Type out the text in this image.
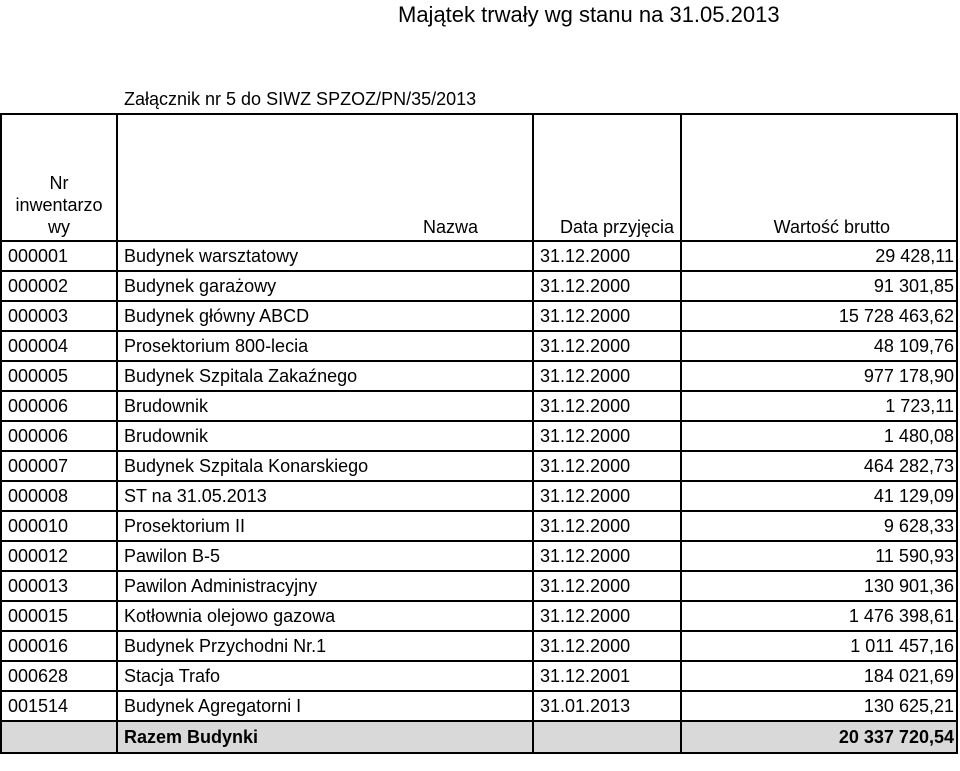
Majątek trwały wg stanu na 31.05.2013
Załącznik nr 5 do SIWZ SPZOZ/PN/35/2013
Nr inwentarzo wy	Nazwa	Data przyjęcia	Wartość brutto
000001	Budynek warsztatowy	31.12.2000	29 428,11
000002	Budynek garażowy	31.12.2000	91 301,85
000003	Budynek główny ABCD	31.12.2000	15 728 463,62
000004	Prosektorium 800-lecia	31.12.2000	48 109,76
000005	Budynek Szpitala Zakaźnego	31.12.2000	977 178,90
000006	Brudownik	31.12.2000	1 723,11
000006	Brudownik	31.12.2000	1 480,08
000007	Budynek Szpitala Konarskiego	31.12.2000	464 282,73
000008	ST na 31.05.2013	31.12.2000	41 129,09
000010	Prosektorium II	31.12.2000	9 628,33
000012	Pawilon B-5	31.12.2000	11 590,93
000013	Pawilon Administracyjny	31.12.2000	130 901,36
000015	Kotłownia olejowo gazowa	31.12.2000	1 476 398,61
000016	Budynek Przychodni Nr.1	31.12.2000	1 011 457,16
000628	Stacja Trafo	31.12.2001	184 021,69
001514	Budynek Agregatorni I	31.01.2013	130 625,21
	Razem Budynki		20 337 720,54
